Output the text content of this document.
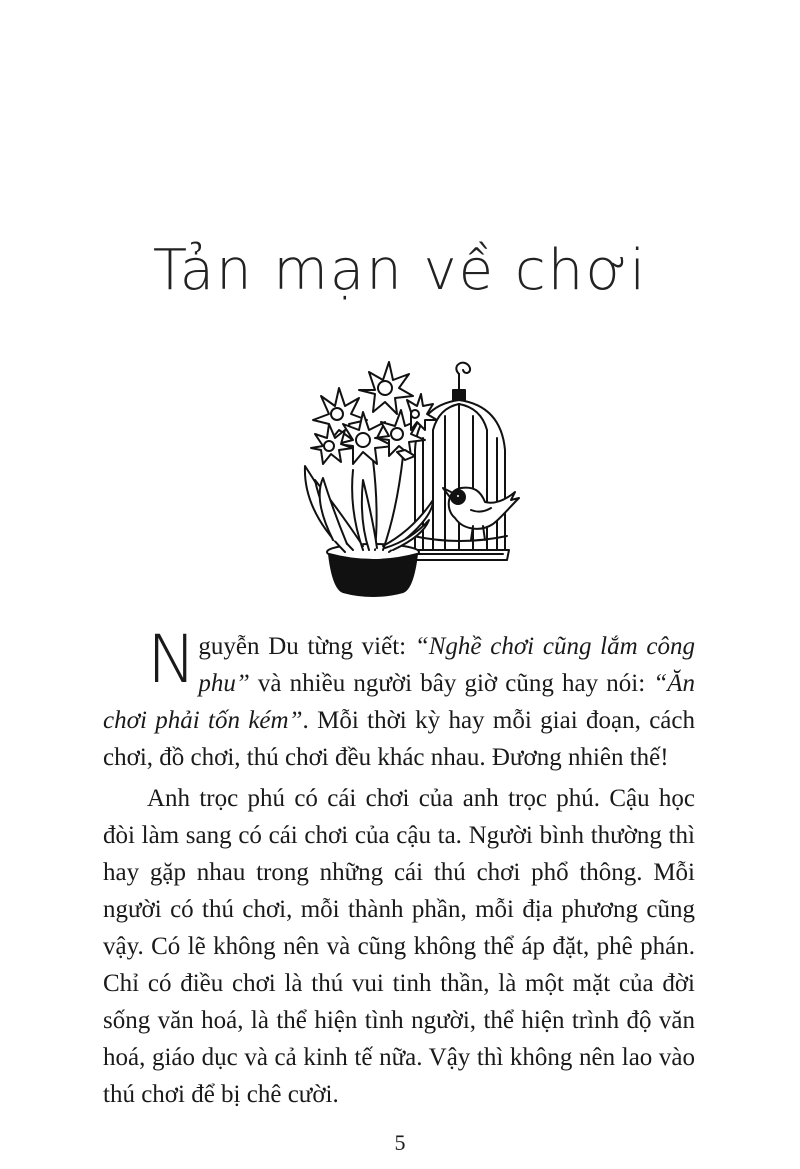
Tản mạn về chơi

Nguyễn Du từng viết: “Nghề chơi cũng lắm công phu” và nhiều người bây giờ cũng hay nói: “Ăn chơi phải tốn kém”. Mỗi thời kỳ hay mỗi giai đoạn, cách chơi, đồ chơi, thú chơi đều khác nhau. Đương nhiên thế!

Anh trọc phú có cái chơi của anh trọc phú. Cậu học đòi làm sang có cái chơi của cậu ta. Người bình thường thì hay gặp nhau trong những cái thú chơi phổ thông. Mỗi người có thú chơi, mỗi thành phần, mỗi địa phương cũng vậy. Có lẽ không nên và cũng không thể áp đặt, phê phán. Chỉ có điều chơi là thú vui tinh thần, là một mặt của đời sống văn hoá, là thể hiện tình người, thể hiện trình độ văn hoá, giáo dục và cả kinh tế nữa. Vậy thì không nên lao vào thú chơi để bị chê cười.

5
